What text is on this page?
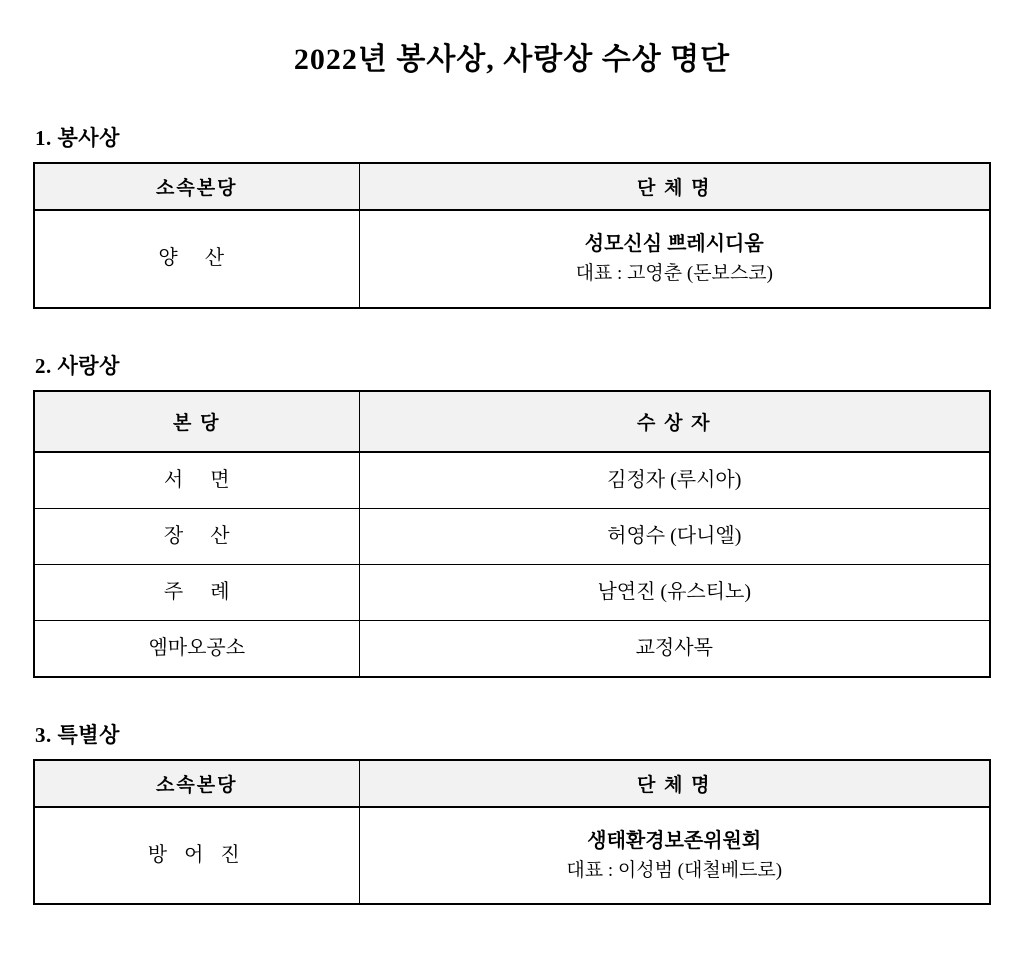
2022년 봉사상, 사랑상 수상 명단
1. 봉사상
소속본당	단 체 명

양 산	성모신심 쁘레시디움
대표 : 고영춘 (돈보스코)
2. 사랑상
본 당	수 상 자

서 면	김정자 (루시아)

장 산	허영수 (다니엘)

주 례	남연진 (유스티노)

엠마오공소	교정사목
3. 특별상
소속본당	단 체 명

방 어 진	생태환경보존위원회
대표 : 이성범 (대철베드로)
